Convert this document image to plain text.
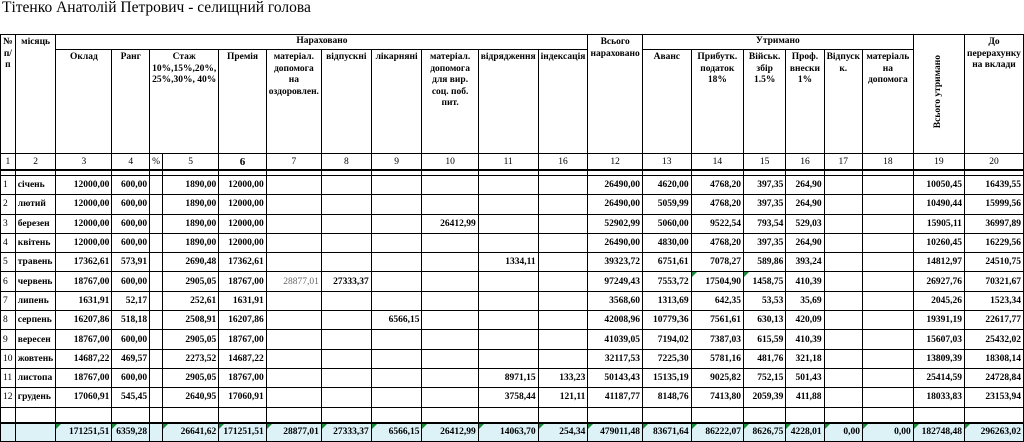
Тітенко Анатолій Петрович - селищний голова
№ п/п	місяць	Нараховано											Всього нараховано	Утримано						Всього утримано	До перерахунку на вклади
		Оклад	Ранг	Стаж 10%,15%,20%, 25%,30%, 40%		Премія	матеріал. допомога на оздоровлен.	відпускні	лікарняні	матеріал. допомога для вир. соц. поб. пит.	відрядження	індексація		Аванс	Прибутк. податок 18%	Військ. збір 1.5%	Проф. внески 1%	Відпуск к.	матеріаль на допомога		
1	2	3	4	%	5	6	7	8	9	10	11	16	12	13	14	15	16	17	18	19	20

1	січень	12000,00	600,00		1890,00	12000,00							26490,00	4620,00	4768,20	397,35	264,90			10050,45	16439,55
2	лютий	12000,00	600,00		1890,00	12000,00							26490,00	5059,99	4768,20	397,35	264,90			10490,44	15999,56
3	березен	12000,00	600,00		1890,00	12000,00				26412,99			52902,99	5060,00	9522,54	793,54	529,03			15905,11	36997,89
4	квітень	12000,00	600,00		1890,00	12000,00							26490,00	4830,00	4768,20	397,35	264,90			10260,45	16229,56
5	травень	17362,61	573,91		2690,48	17362,61					1334,11		39323,72	6751,61	7078,27	589,86	393,24			14812,97	24510,75
6	червень	18767,00	600,00		2905,05	18767,00	28877,01	27333,37					97249,43	7553,72	17504,90	1458,75	410,39			26927,76	70321,67
7	липень	1631,91	52,17		252,61	1631,91							3568,60	1313,69	642,35	53,53	35,69			2045,26	1523,34
8	серпень	16207,86	518,18		2508,91	16207,86			6566,15				42008,96	10779,36	7561,61	630,13	420,09			19391,19	22617,77
9	вересен	18767,00	600,00		2905,05	18767,00							41039,05	7194,02	7387,03	615,59	410,39			15607,03	25432,02
10	жовтень	14687,22	469,57		2273,52	14687,22							32117,53	7225,30	5781,16	481,76	321,18			13809,39	18308,14
11	листопа	18767,00	600,00		2905,05	18767,00					8971,15	133,23	50143,43	15135,19	9025,82	752,15	501,43			25414,59	24728,84
12	грудень	17060,91	545,45		2640,95	17060,91					3758,44	121,11	41187,77	8148,76	7413,80	2059,39	411,88			18033,83	23153,94

		171251,51	6359,28		26641,62	171251,51	28877,01	27333,37	6566,15	26412,99	14063,70	254,34	479011,48	83671,64	86222,07	8626,75	4228,01	0,00	0,00	182748,48	296263,02
